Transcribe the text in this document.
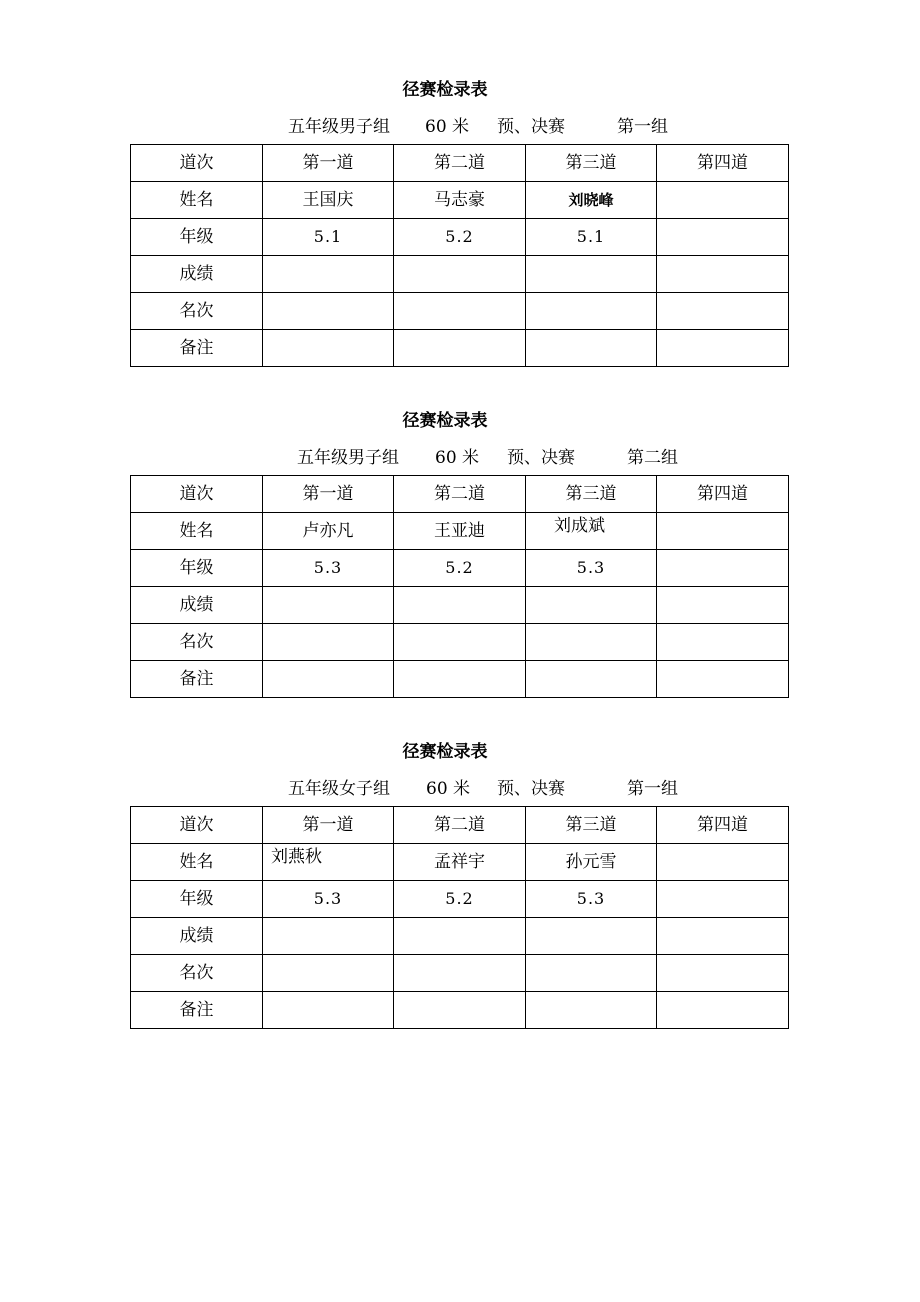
径赛检录表
五年级男子组 60 米 预、决赛	第一组
道次	第一道	第二道	第三道	第四道
姓名	王国庆	马志豪	刘晓峰	
年级	5.1	5.2	5.1	
成绩				
名次				
备注				
径赛检录表
五年级男子组 60 米 预、决赛	第二组
道次	第一道	第二道	第三道	第四道
姓名	卢亦凡	王亚迪	刘成斌	

年级	5.3	5.2	5.3	
成绩				
名次				
备注				
径赛检录表
五年级女子组 60 米 预、决赛	第一组
道次	第一道	第二道	第三道	第四道
姓名	刘燕秋	孟祥宇	孙元雪	
年级	5.3	5.2	5.3	
成绩				
名次				
备注				
